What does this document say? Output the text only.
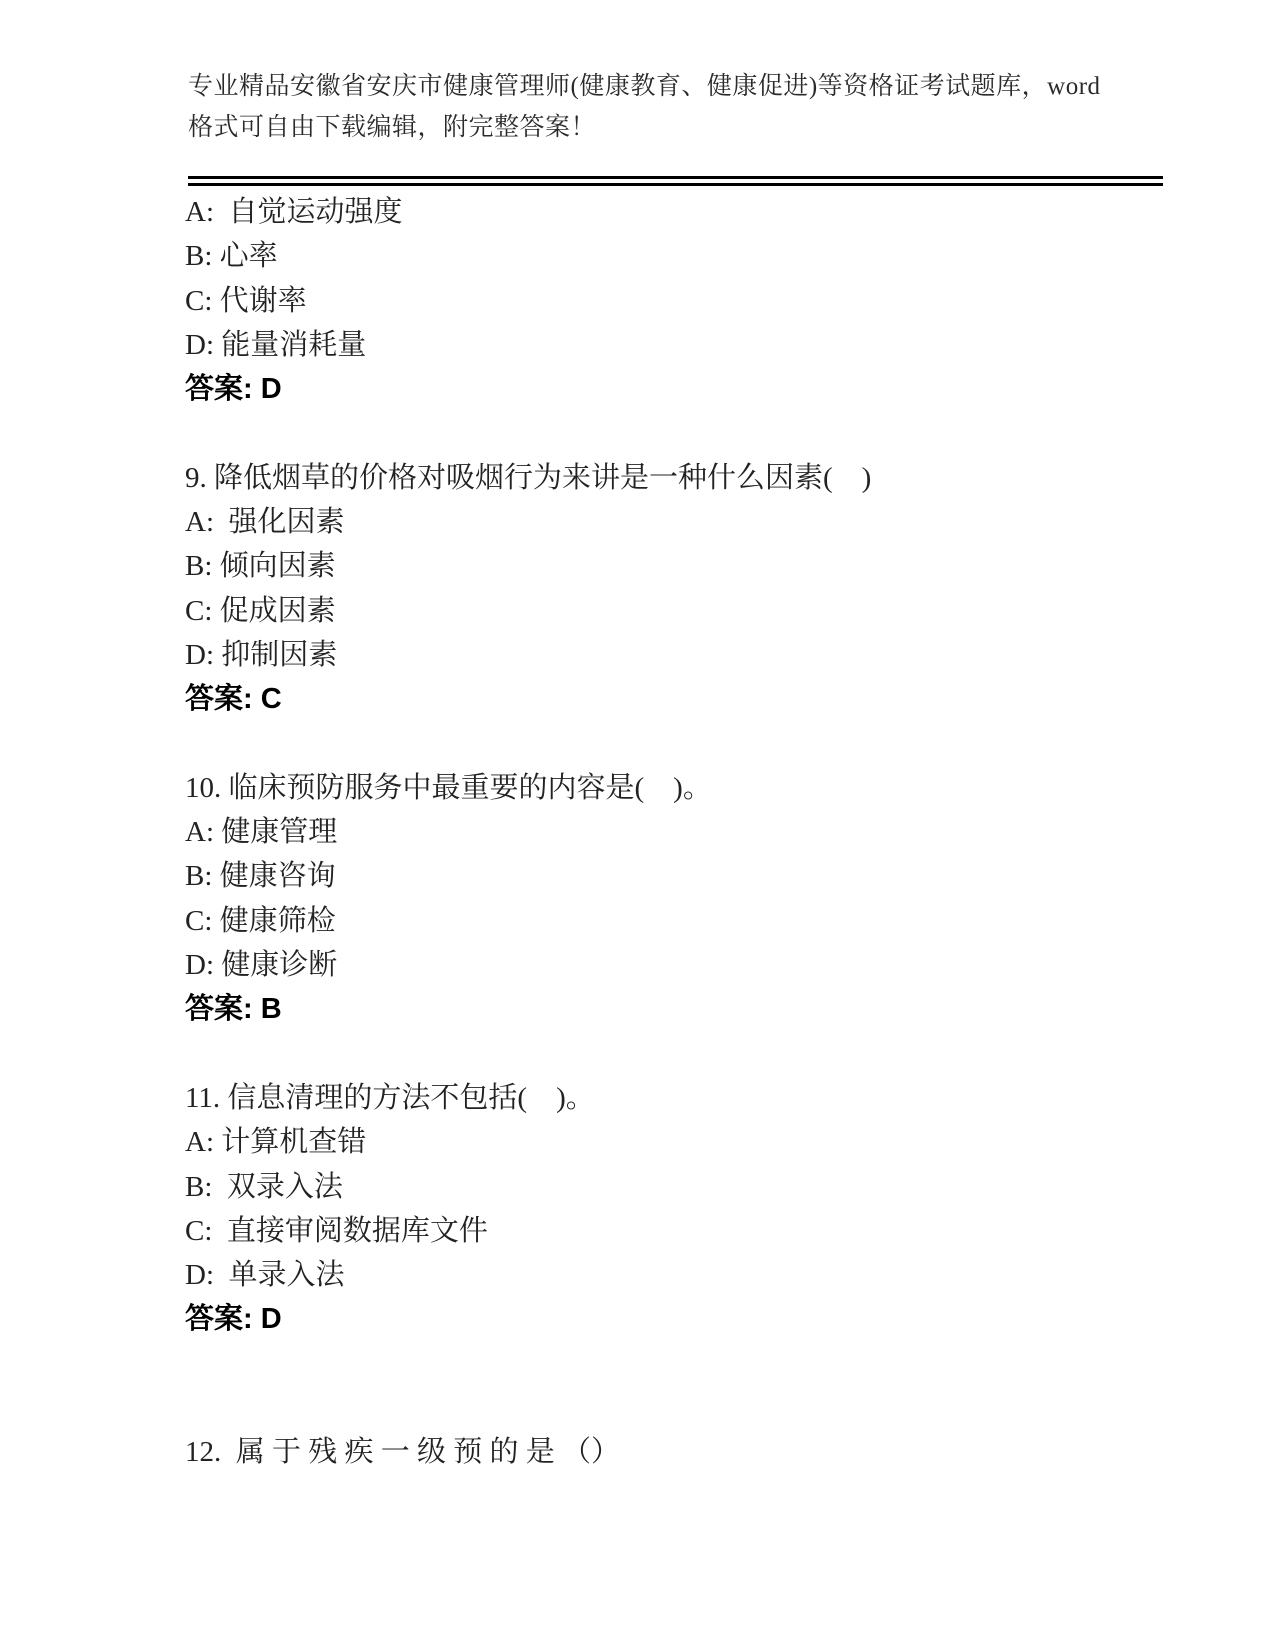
专业精品安徽省安庆市健康管理师(健康教育、健康促进)等资格证考试题库，word

格式可自由下载编辑，附完整答案！

A:  自觉运动强度

B: 心率

C: 代谢率

D: 能量消耗量

答案: D

9. 降低烟草的价格对吸烟行为来讲是一种什么因素(    )

A:  强化因素

B: 倾向因素

C: 促成因素

D: 抑制因素

答案: C

10. 临床预防服务中最重要的内容是(    )。

A: 健康管理

B: 健康咨询

C: 健康筛检

D: 健康诊断

答案: B

11. 信息清理的方法不包括(    )。

A: 计算机查错

B:  双录入法

C:  直接审阅数据库文件

D:  单录入法

答案: D

12.  属 于 残 疾 一 级 预 的 是 （）
